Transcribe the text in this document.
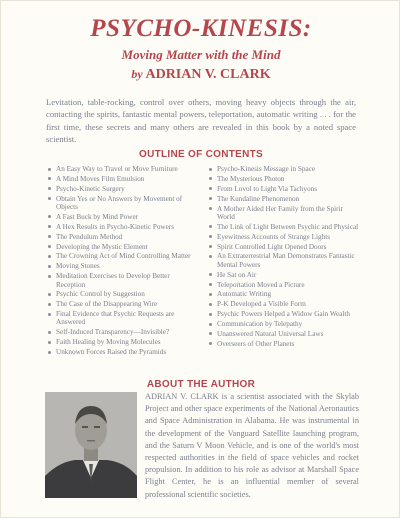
PSYCHO-KINESIS:
Moving Matter with the Mind
by ADRIAN V. CLARK
Levitation, table-rocking, control over others, moving heavy objects through the air, contacting the spirits, fantastic mental powers, teleportation, automatic writing . . . for the first time, these secrets and many others are revealed in this book by a noted space scientist.
OUTLINE OF CONTENTS
An Easy Way to Travel or Move Furniture
A Mind Moves Film Emulsion
Psycho-Kinetic Surgery
Obtain Yes or No Answers by Movement of Objects
A Fast Buck by Mind Power
A Hex Results in Psycho-Kinetic Powers
The Pendulum Method
Developing the Mystic Element
The Crowning Act of Mind Controlling Matter
Moving Stones
Meditation Exercises to Develop Better Reception
Psychic Control by Suggestion
The Case of the Disappearing Wire
Final Evidence that Psychic Requests are Answered
Self-Induced Transparency—Invisible?
Faith Healing by Moving Molecules
Unknown Forces Raised the Pyramids
Psycho-Kinesis Message in Space
The Mysterious Photon
From Lovol to Light Via Tachyons
The Kundaline Phenomenon
A Mother Aided Her Family from the Spirit World
The Link of Light Between Psychic and Physical
Eyewitness Accounts of Strange Lights
Spirit Controlled Light Opened Doors
An Extraterrestrial Man Demonstrates Fantastic Mental Powers
He Sat on Air
Teleportation Moved a Picture
Automatic Writing
P-K Developed a Visible Form
Psychic Powers Helped a Widow Gain Wealth
Communication by Telepathy
Unanswered Natural Universal Laws
Overseers of Other Planets
ABOUT THE AUTHOR
ADRIAN V. CLARK is a scientist associated with the Skylab Project and other space experiments of the National Aeronautics and Space Administration in Alabama. He was instrumental in the development of the Vanguard Satellite launching program, and the Saturn V Moon Vehicle, and is one of the world's most respected authorities in the field of space vehicles and rocket propulsion. In addition to his role as advisor at Marshall Space Flight Center, he is an influential member of several professional scientific societies.
